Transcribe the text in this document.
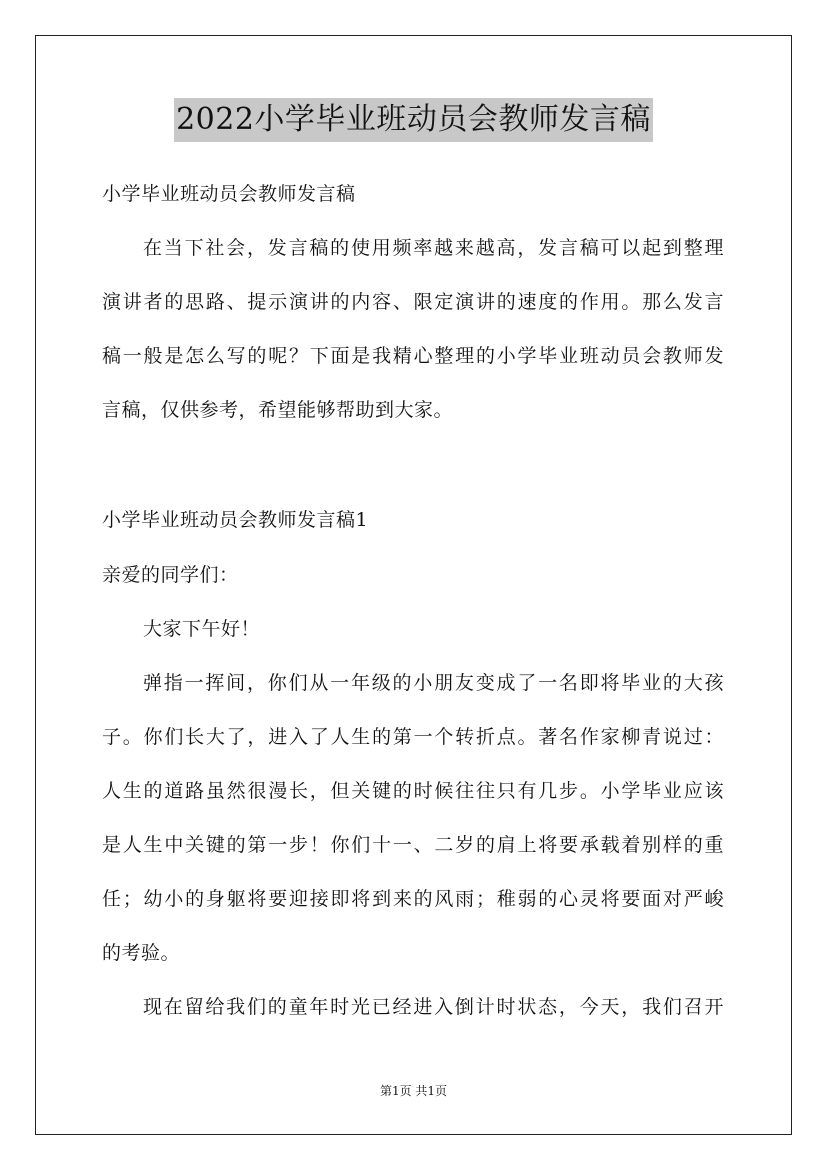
2022小学毕业班动员会教师发言稿
小学毕业班动员会教师发言稿
在当下社会，发言稿的使用频率越来越高，发言稿可以起到整理
演讲者的思路、提示演讲的内容、限定演讲的速度的作用。那么发言
稿一般是怎么写的呢？下面是我精心整理的小学毕业班动员会教师发
言稿，仅供参考，希望能够帮助到大家。
小学毕业班动员会教师发言稿1
亲爱的同学们：
大家下午好！
弹指一挥间，你们从一年级的小朋友变成了一名即将毕业的大孩
子。你们长大了，进入了人生的第一个转折点。著名作家柳青说过：
人生的道路虽然很漫长，但关键的时候往往只有几步。小学毕业应该
是人生中关键的第一步！你们十一、二岁的肩上将要承载着别样的重
任；幼小的身躯将要迎接即将到来的风雨；稚弱的心灵将要面对严峻
的考验。
现在留给我们的童年时光已经进入倒计时状态，今天，我们召开
第1页 共1页
